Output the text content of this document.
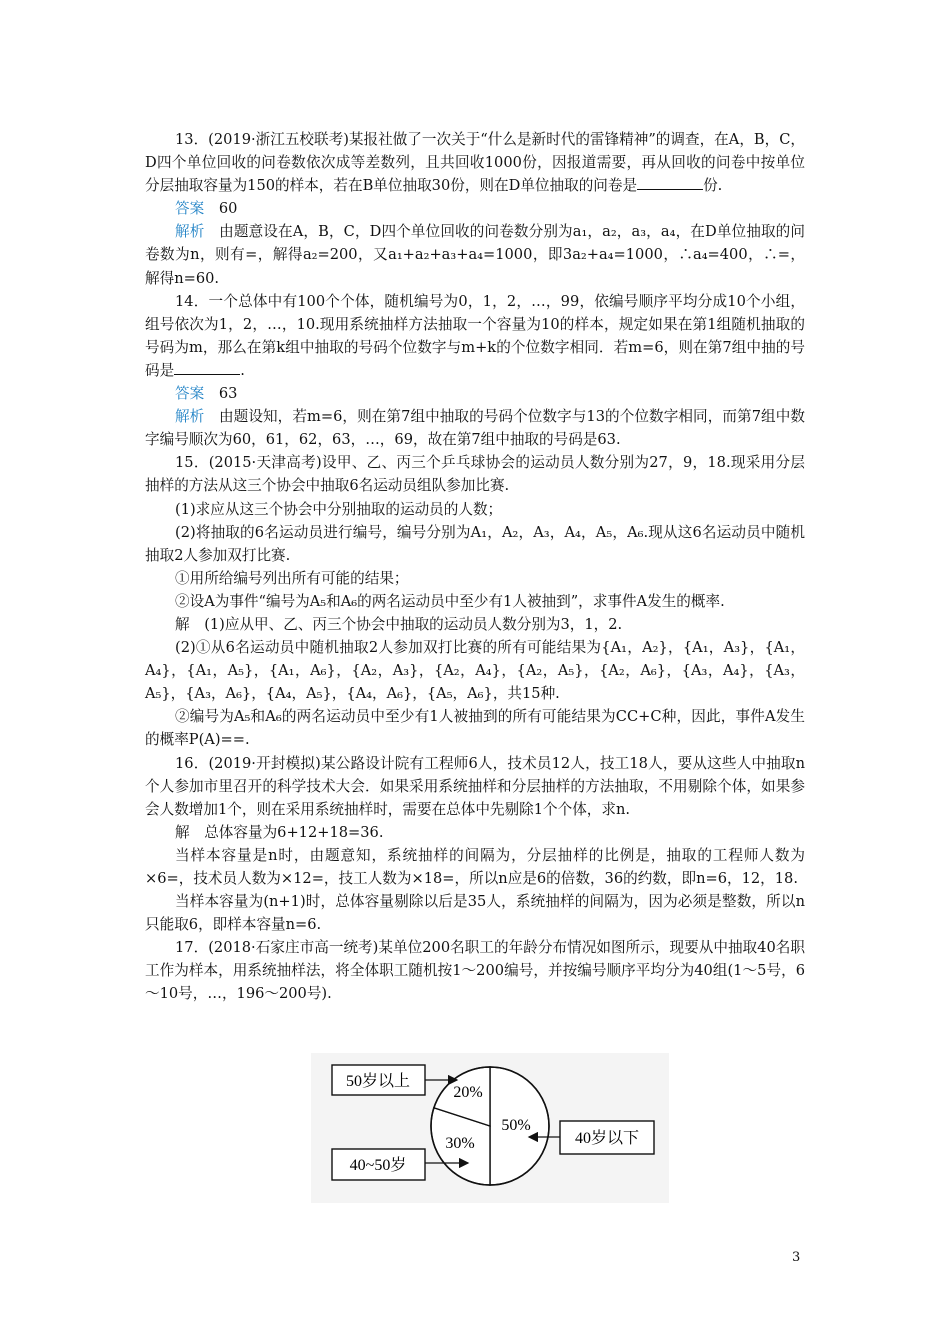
13．(2019·浙江五校联考)某报社做了一次关于“什么是新时代的雷锋精神”的调查，在A，B，C，D四个单位回收的问卷数依次成等差数列，且共回收1000份，因报道需要，再从回收的问卷中按单位分层抽取容量为150的样本，若在B单位抽取30份，则在D单位抽取的问卷是	份.

答案　 60

解析　 由题意设在A，B，C，D四个单位回收的问卷数分别为a₁，a₂，a₃，a₄，在D单位抽取的问卷数为n，则有=，解得a₂=200，又a₁+a₂+a₃+a₄=1000，即3a₂+a₄=1000，∴a₄=400，∴=，解得n=60.

14．一个总体中有100个个体，随机编号为0，1，2，…，99，依编号顺序平均分成10个小组，组号依次为1，2，…，10.现用系统抽样方法抽取一个容量为10的样本，规定如果在第1组随机抽取的号码为m，那么在第k组中抽取的号码个位数字与m+k的个位数字相同．若m=6，则在第7组中抽的号码是	.

答案　 63

解析　 由题设知，若m=6，则在第7组中抽取的号码个位数字与13的个位数字相同，而第7组中数字编号顺次为60，61，62，63，…，69，故在第7组中抽取的号码是63.

15．(2015·天津高考)设甲、乙、丙三个乒乓球协会的运动员人数分别为27，9，18.现采用分层抽样的方法从这三个协会中抽取6名运动员组队参加比赛.

(1)求应从这三个协会中分别抽取的运动员的人数；

(2)将抽取的6名运动员进行编号，编号分别为A₁，A₂，A₃，A₄，A₅，A₆.现从这6名运动员中随机抽取2人参加双打比赛.

①用所给编号列出所有可能的结果；

②设A为事件“编号为A₅和A₆的两名运动员中至少有1人被抽到”，求事件A发生的概率.

解　(1)应从甲、乙、丙三个协会中抽取的运动员人数分别为3，1，2.

(2)①从6名运动员中随机抽取2人参加双打比赛的所有可能结果为{A₁，A₂}，{A₁，A₃}，{A₁，A₄}，{A₁，A₅}，{A₁，A₆}，{A₂，A₃}，{A₂，A₄}，{A₂，A₅}，{A₂，A₆}，{A₃，A₄}，{A₃，A₅}，{A₃，A₆}，{A₄，A₅}，{A₄，A₆}，{A₅，A₆}，共15种.

②编号为A₅和A₆的两名运动员中至少有1人被抽到的所有可能结果为CC+C种，因此，事件A发生的概率P(A)==.

16．(2019·开封模拟)某公路设计院有工程师6人，技术员12人，技工18人，要从这些人中抽取n个人参加市里召开的科学技术大会．如果采用系统抽样和分层抽样的方法抽取，不用剔除个体，如果参会人数增加1个，则在采用系统抽样时，需要在总体中先剔除1个个体，求n.

解　总体容量为6+12+18=36.

当样本容量是n时，由题意知，系统抽样的间隔为，分层抽样的比例是，抽取的工程师人数为×6=，技术员人数为×12=，技工人数为×18=，所以n应是6的倍数，36的约数，即n=6，12，18.

当样本容量为(n+1)时，总体容量剔除以后是35人，系统抽样的间隔为，因为必须是整数，所以n只能取6，即样本容量n=6.

17．(2018·石家庄市高一统考)某单位200名职工的年龄分布情况如图所示，现要从中抽取40名职工作为样本，用系统抽样法，将全体职工随机按1～200编号，并按编号顺序平均分为40组(1～5号，6～10号，…，196～200号).

20%
30%
50%
50岁以上
40~50岁
40岁以下
3
